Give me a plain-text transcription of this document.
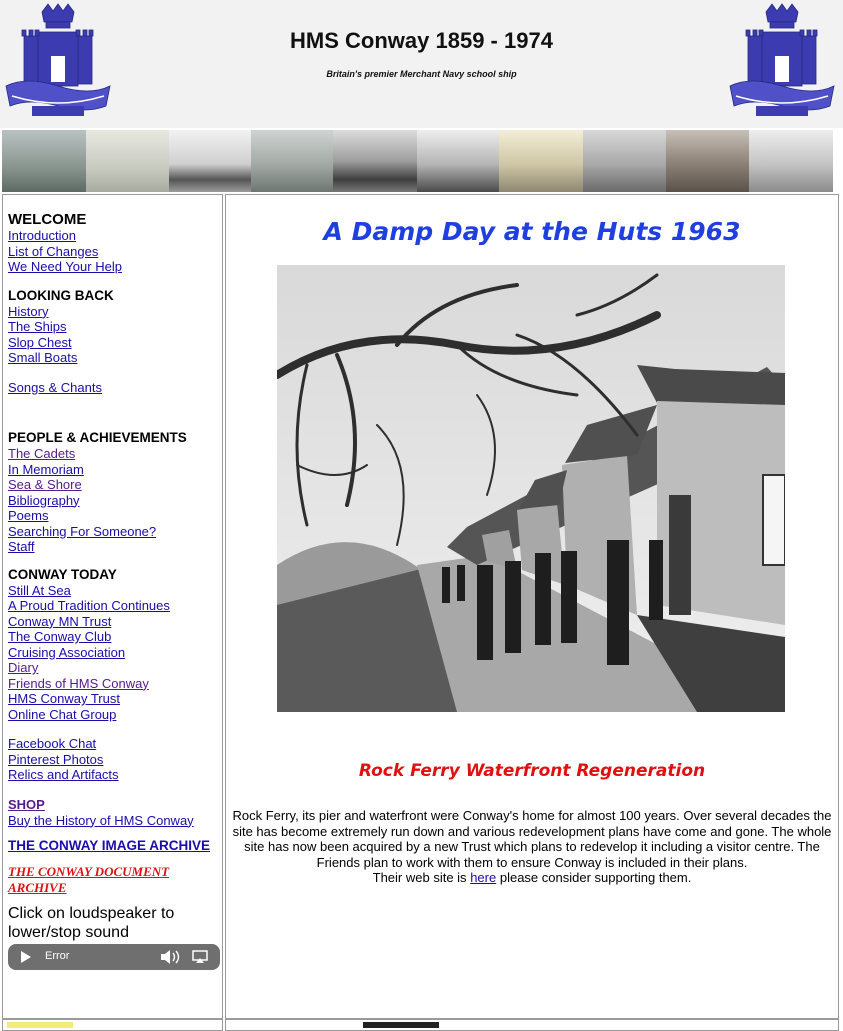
HMS Conway 1859 - 1974
Britain's premier Merchant Navy school ship
WELCOME
Introduction
List of Changes
We Need Your Help
LOOKING BACK
History
The Ships
Slop Chest
Small Boats
Songs & Chants
PEOPLE & ACHIEVEMENTS
The Cadets
In Memoriam
Sea & Shore
Bibliography
Poems
Searching For Someone?
Staff
CONWAY TODAY
Still At Sea
A Proud Tradition Continues
Conway MN Trust
The Conway Club
Cruising Association
Diary
Friends of HMS Conway
HMS Conway Trust
Online Chat Group
Facebook Chat
Pinterest Photos
Relics and Artifacts
SHOP
Buy the History of HMS Conway
THE CONWAY IMAGE ARCHIVE
THE CONWAY DOCUMENT ARCHIVE
Click on loudspeaker to lower/stop sound
Error
A Damp Day at the Huts 1963
Rock Ferry Waterfront Regeneration
Rock Ferry, its pier and waterfront were Conway's home for almost 100 years. Over several decades the site has become extremely run down and various redevelopment plans have come and gone. The whole site has now been acquired by a new Trust which plans to redevelop it including a visitor centre. The Friends plan to work with them to ensure Conway is included in their plans.
Their web site is here please consider supporting them.
